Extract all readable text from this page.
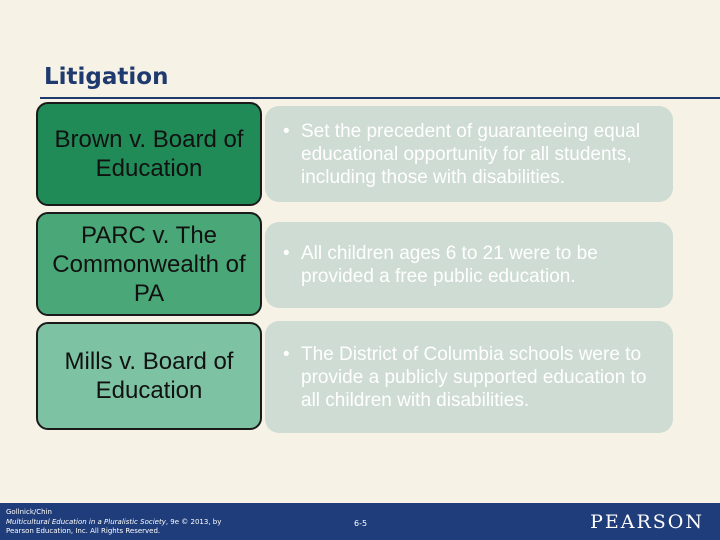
Litigation
Brown v. Board of Education
• Set the precedent of guaranteeing equal educational opportunity for all students, including those with disabilities.
PARC v. The Commonwealth of PA
• All children ages 6 to 21 were to be provided a free public education.
Mills v. Board of Education
• The District of Columbia schools were to provide a publicly supported education to all children with disabilities.
Gollnick/Chin
Multicultural Education in a Pluralistic Society, 9e © 2013, by
Pearson Education, Inc. All Rights Reserved.
6-5	PEARSON
